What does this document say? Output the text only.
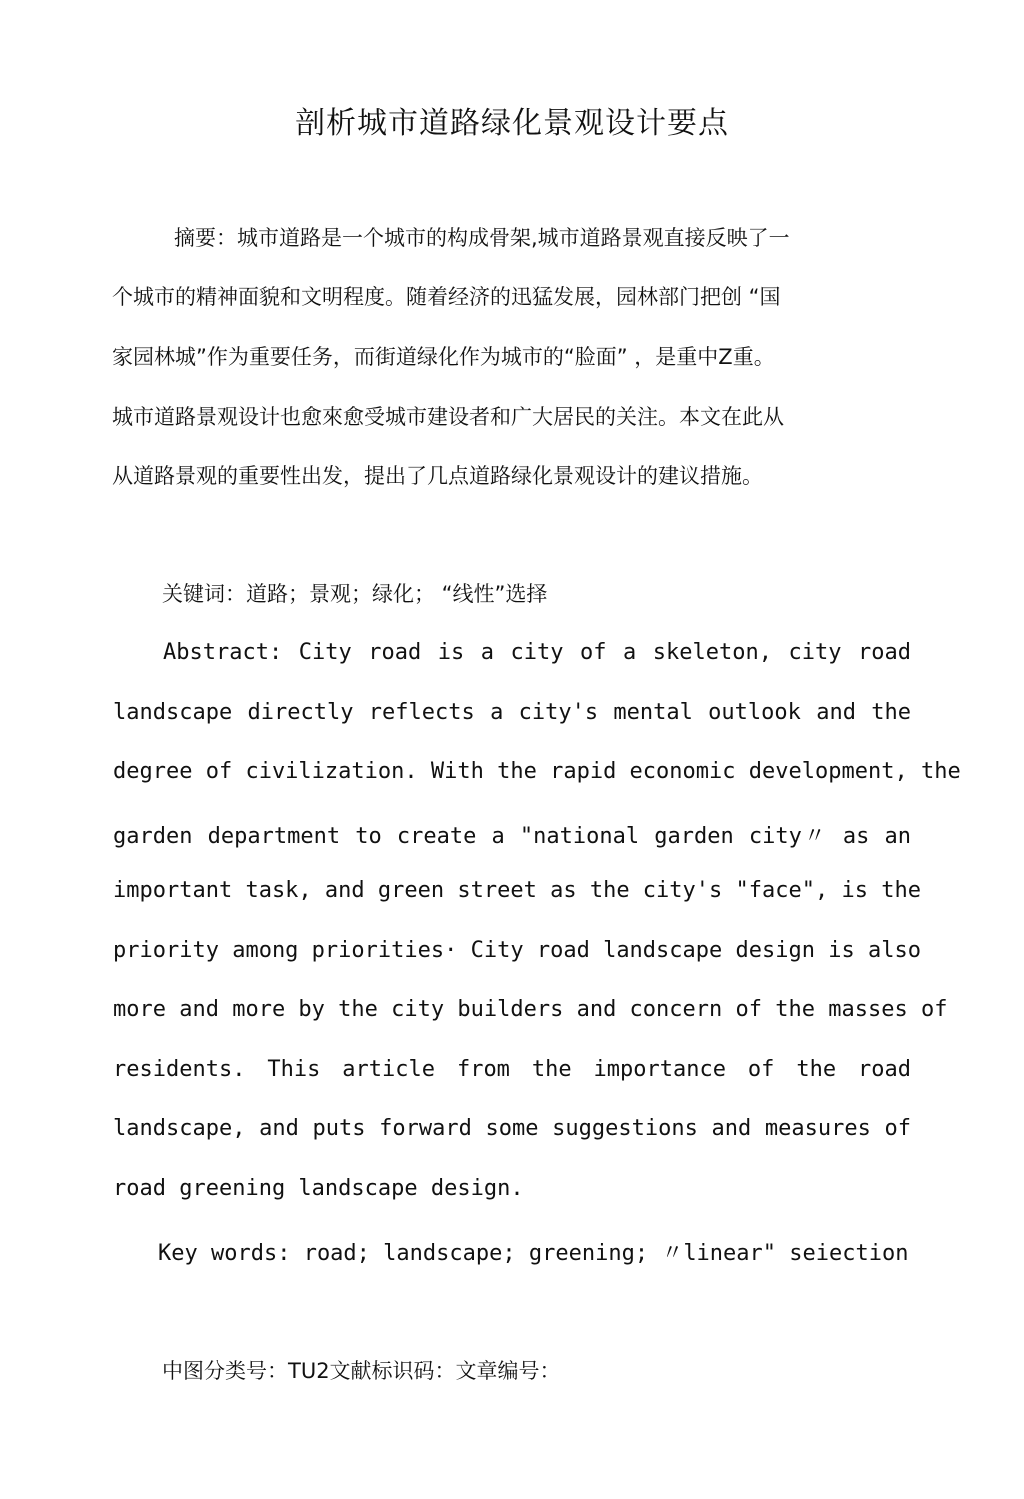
剖析城市道路绿化景观设计要点
摘要：城市道路是一个城市的构成骨架,城市道路景观直接反映了一
个城市的精神面貌和文明程度。随着经济的迅猛发展，园林部门把创 “国
家园林城”作为重要任务，而街道绿化作为城市的“脸面” ，是重中Z重。
城市道路景观设计也愈來愈受城市建设者和广大居民的关注。本文在此从
从道路景观的重要性出发，提出了几点道路绿化景观设计的建议措施。
关键词：道路；景观；绿化； “线性”选择
Abstract: City road is a city of a skeleton, city road
landscape directly reflects a city's mental outlook and the
degree of civilization. With the rapid economic development, the
garden department to create a "national garden city〃 as an
important task, and green street as the city's "face", is the
priority among priorities· City road landscape design is also
more and more by the city builders and concern of the masses of
residents. This article from the importance of the road
landscape, and puts forward some suggestions and measures of
road greening landscape design.
Key words: road; landscape; greening; 〃linear" seiection
中图分类号：TU2文献标识码：文章编号：
